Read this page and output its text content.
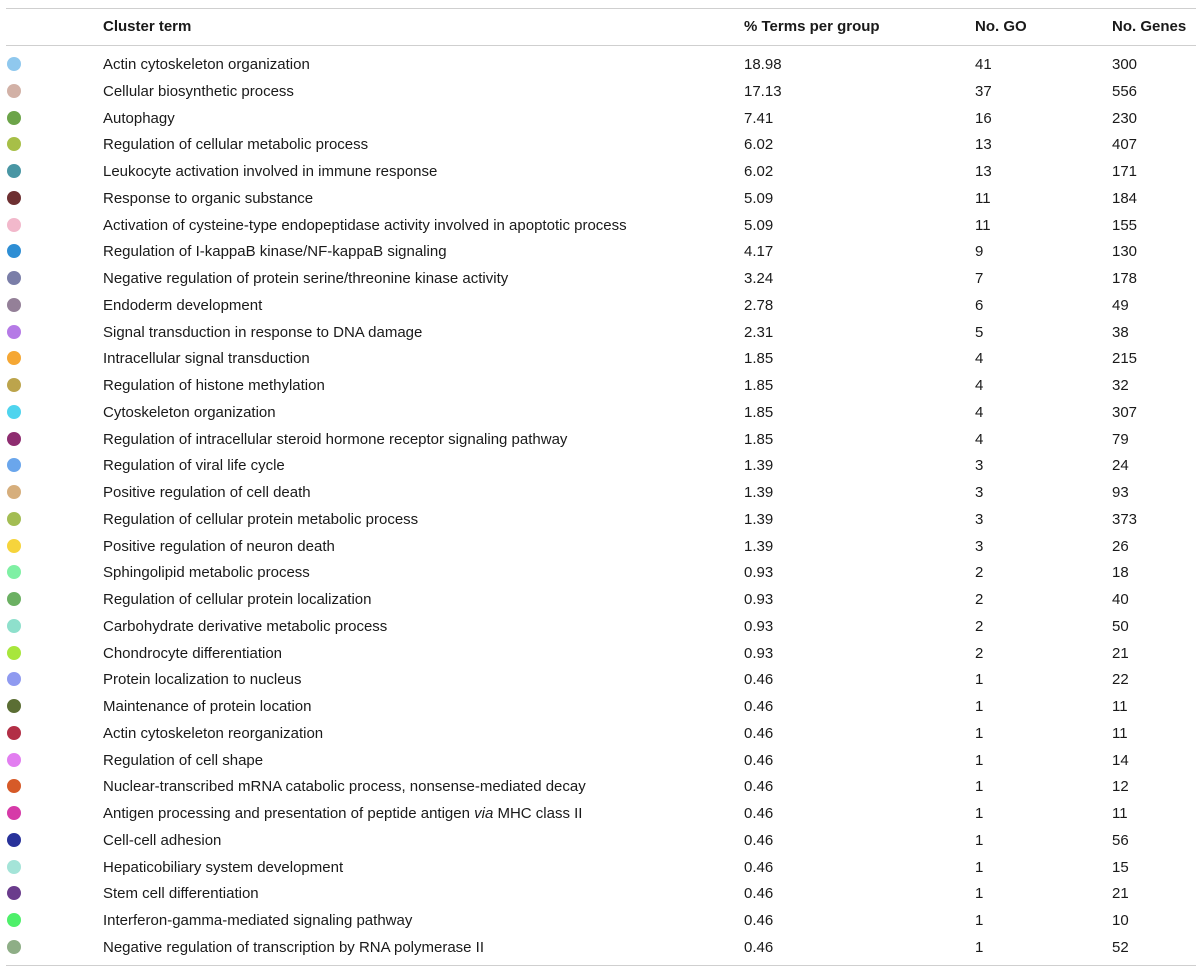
Cluster term	% Terms per group	No. GO	No. Genes
Actin cytoskeleton organization	18.98	41	300
Cellular biosynthetic process	17.13	37	556
Autophagy	7.41	16	230
Regulation of cellular metabolic process	6.02	13	407
Leukocyte activation involved in immune response	6.02	13	171
Response to organic substance	5.09	11	184
Activation of cysteine-type endopeptidase activity involved in apoptotic process	5.09	11	155
Regulation of I-kappaB kinase/NF-kappaB signaling	4.17	9	130
Negative regulation of protein serine/threonine kinase activity	3.24	7	178
Endoderm development	2.78	6	49
Signal transduction in response to DNA damage	2.31	5	38
Intracellular signal transduction	1.85	4	215
Regulation of histone methylation	1.85	4	32
Cytoskeleton organization	1.85	4	307
Regulation of intracellular steroid hormone receptor signaling pathway	1.85	4	79
Regulation of viral life cycle	1.39	3	24
Positive regulation of cell death	1.39	3	93
Regulation of cellular protein metabolic process	1.39	3	373
Positive regulation of neuron death	1.39	3	26
Sphingolipid metabolic process	0.93	2	18
Regulation of cellular protein localization	0.93	2	40
Carbohydrate derivative metabolic process	0.93	2	50
Chondrocyte differentiation	0.93	2	21
Protein localization to nucleus	0.46	1	22
Maintenance of protein location	0.46	1	11
Actin cytoskeleton reorganization	0.46	1	11
Regulation of cell shape	0.46	1	14
Nuclear-transcribed mRNA catabolic process, nonsense-mediated decay	0.46	1	12
Antigen processing and presentation of peptide antigen via MHC class II	0.46	1	11
Cell-cell adhesion	0.46	1	56
Hepaticobiliary system development	0.46	1	15
Stem cell differentiation	0.46	1	21
Interferon-gamma-mediated signaling pathway	0.46	1	10
Negative regulation of transcription by RNA polymerase II	0.46	1	52
